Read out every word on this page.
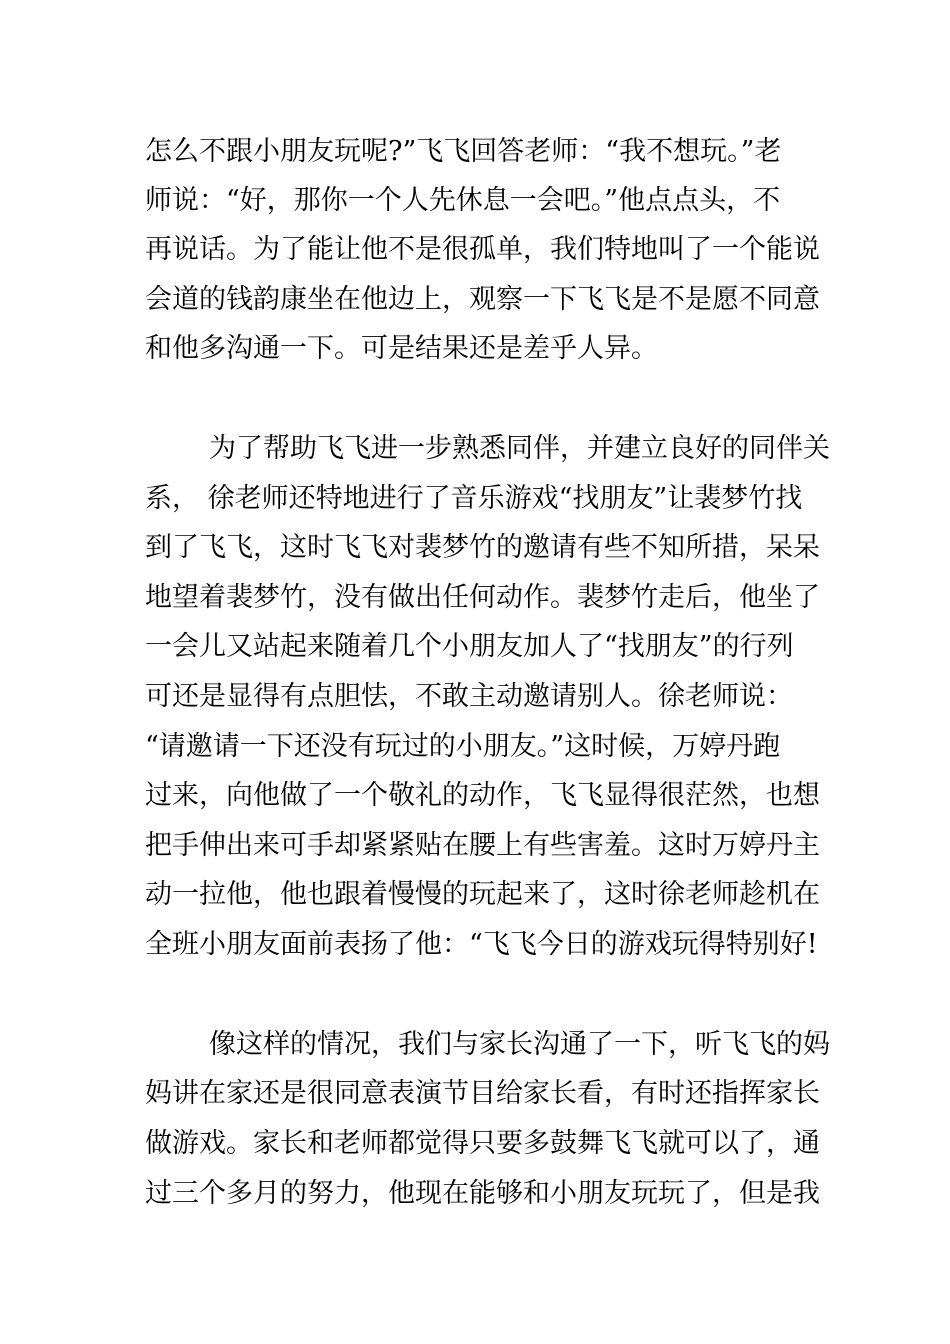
怎么不跟小朋友玩呢?”飞飞回答老师：“我不想玩。”老
师说：“好，那你一个人先休息一会吧。”他点点头，不
再说话。为了能让他不是很孤单，我们特地叫了一个能说
会道的钱韵康坐在他边上，观察一下飞飞是不是愿不同意
和他多沟通一下。可是结果还是差乎人异。
为了帮助飞飞进一步熟悉同伴，并建立良好的同伴关
系， 徐老师还特地进行了音乐游戏“找朋友”让裴梦竹找
到了飞飞，这时飞飞对裴梦竹的邀请有些不知所措，呆呆
地望着裴梦竹，没有做出任何动作。裴梦竹走后，他坐了
一会儿又站起来随着几个小朋友加人了“找朋友”的行列
可还是显得有点胆怯，不敢主动邀请别人。徐老师说：
“请邀请一下还没有玩过的小朋友。”这时候，万婷丹跑
过来，向他做了一个敬礼的动作，飞飞显得很茫然，也想
把手伸出来可手却紧紧贴在腰上有些害羞。这时万婷丹主
动一拉他，他也跟着慢慢的玩起来了，这时徐老师趁机在
全班小朋友面前表扬了他：“飞飞今日的游戏玩得特别好!
像这样的情况，我们与家长沟通了一下，听飞飞的妈
妈讲在家还是很同意表演节目给家长看，有时还指挥家长
做游戏。家长和老师都觉得只要多鼓舞飞飞就可以了，通
过三个多月的努力，他现在能够和小朋友玩玩了，但是我
